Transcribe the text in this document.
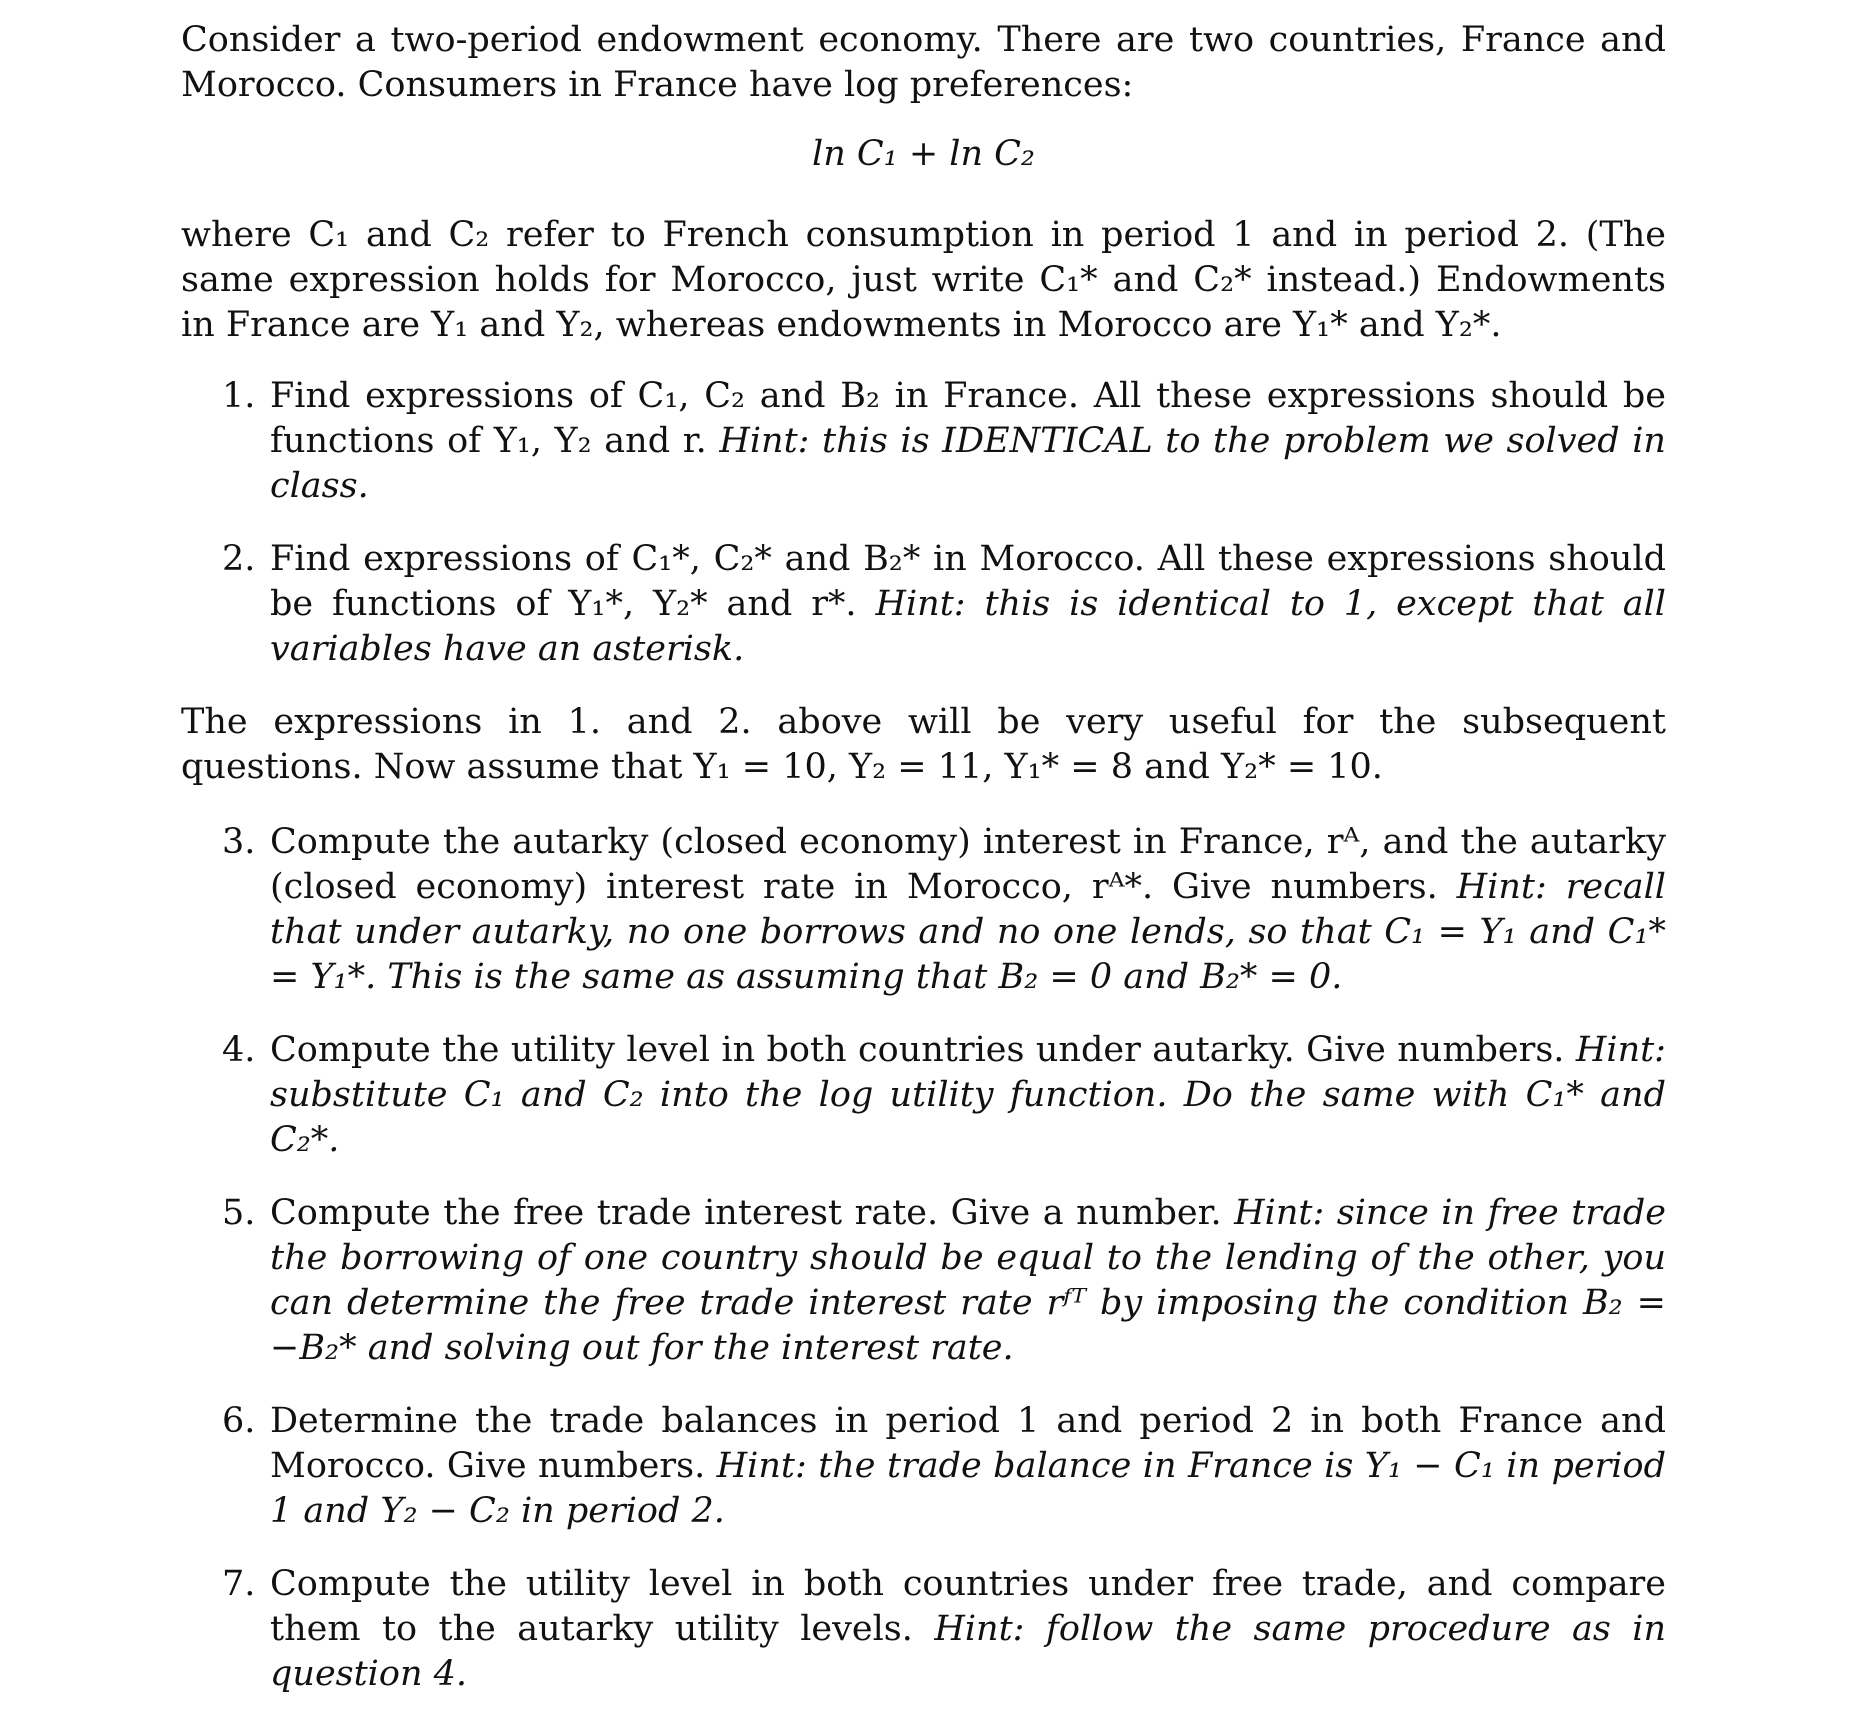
Consider a two-period endowment economy. There are two countries, France and Morocco. Consumers in France have log preferences:

ln C₁ + ln C₂

where C₁ and C₂ refer to French consumption in period 1 and in period 2. (The same expression holds for Morocco, just write C₁* and C₂* instead.) Endowments in France are Y₁ and Y₂, whereas endowments in Morocco are Y₁* and Y₂*.

1. Find expressions of C₁, C₂ and B₂ in France. All these expressions should be functions of Y₁, Y₂ and r. Hint: this is IDENTICAL to the problem we solved in class.
2. Find expressions of C₁*, C₂* and B₂* in Morocco. All these expressions should be functions of Y₁*, Y₂* and r*. Hint: this is identical to 1, except that all variables have an asterisk.

The expressions in 1. and 2. above will be very useful for the subsequent questions. Now assume that Y₁ = 10, Y₂ = 11, Y₁* = 8 and Y₂* = 10.

3. Compute the autarky (closed economy) interest in France, rᴬ, and the autarky (closed economy) interest rate in Morocco, rᴬ*. Give numbers. Hint: recall that under autarky, no one borrows and no one lends, so that C₁ = Y₁ and C₁* = Y₁*. This is the same as assuming that B₂ = 0 and B₂* = 0.
4. Compute the utility level in both countries under autarky. Give numbers. Hint: substitute C₁ and C₂ into the log utility function. Do the same with C₁* and C₂*.
5. Compute the free trade interest rate. Give a number. Hint: since in free trade the borrowing of one country should be equal to the lending of the other, you can determine the free trade interest rate rᶠᵀ by imposing the condition B₂ = −B₂* and solving out for the interest rate.
6. Determine the trade balances in period 1 and period 2 in both France and Morocco. Give numbers. Hint: the trade balance in France is Y₁ − C₁ in period 1 and Y₂ − C₂ in period 2.
7. Compute the utility level in both countries under free trade, and compare them to the autarky utility levels. Hint: follow the same procedure as in question 4.
